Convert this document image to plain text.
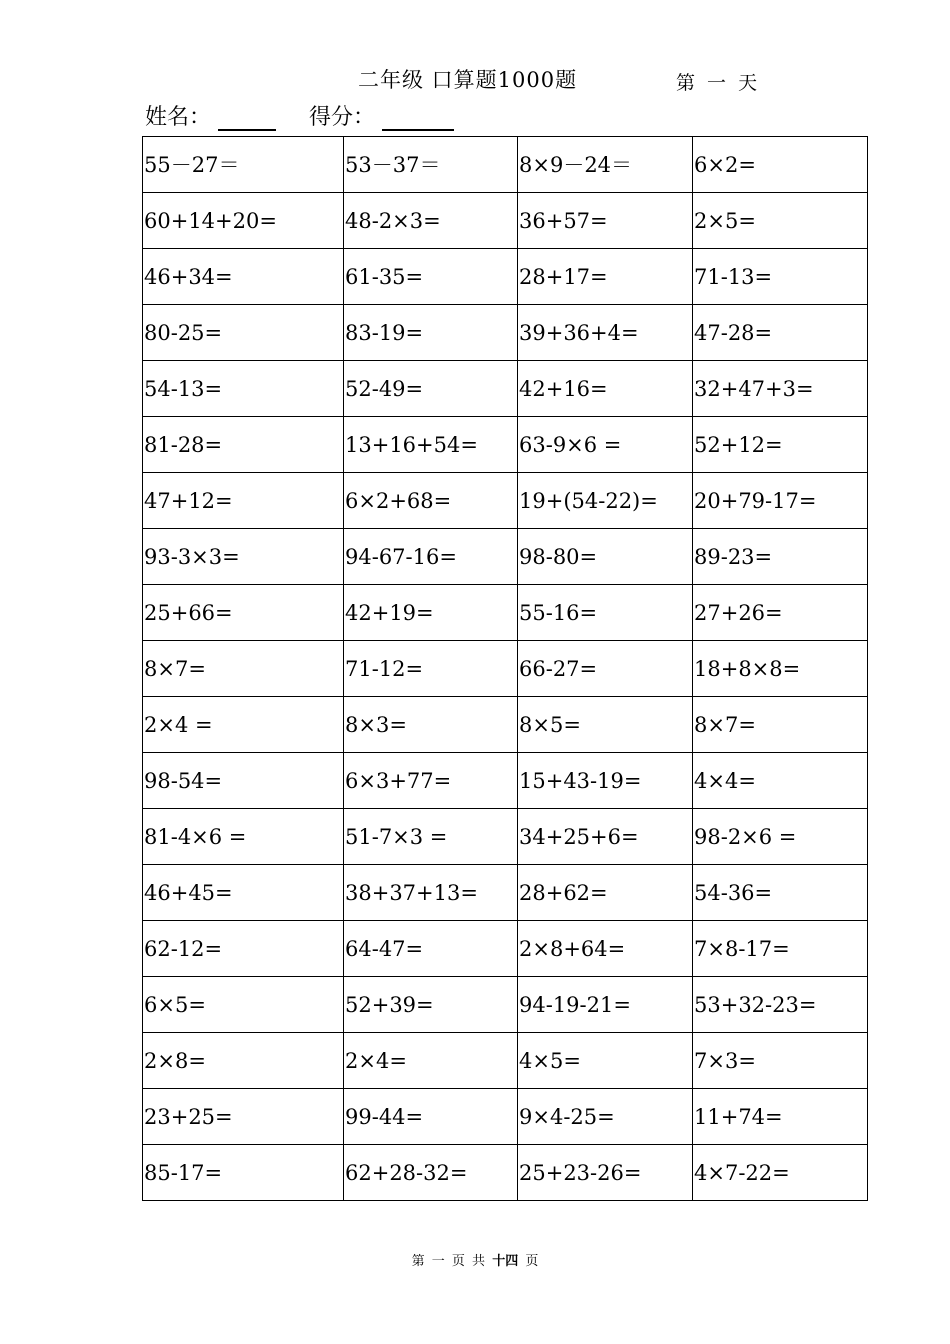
二年级 口算题1000题	第 一 天
姓名：	得分：
55－27＝	53－37＝	8×9－24＝	6×2=
60+14+20=	48-2×3=	36+57=	2×5=
46+34=	61-35=	28+17=	71-13=
80-25=	83-19=	39+36+4=	47-28=
54-13=	52-49=	42+16=	32+47+3=
81-28=	13+16+54=	63-9×6 =	52+12=
47+12=	6×2+68=	19+(54-22)=	20+79-17=
93-3×3=	94-67-16=	98-80=	89-23=
25+66=	42+19=	55-16=	27+26=
8×7=	71-12=	66-27=	18+8×8=
2×4 =	8×3=	8×5=	8×7=
98-54=	6×3+77=	15+43-19=	4×4=
81-4×6 =	51-7×3 =	34+25+6=	98-2×6 =
46+45=	38+37+13=	28+62=	54-36=
62-12=	64-47=	2×8+64=	7×8-17=
6×5=	52+39=	94-19-21=	53+32-23=
2×8=	2×4=	4×5=	7×3=
23+25=	99-44=	9×4-25=	11+74=
85-17=	62+28-32=	25+23-26=	4×7-22=
第 一 页 共 十四 页
